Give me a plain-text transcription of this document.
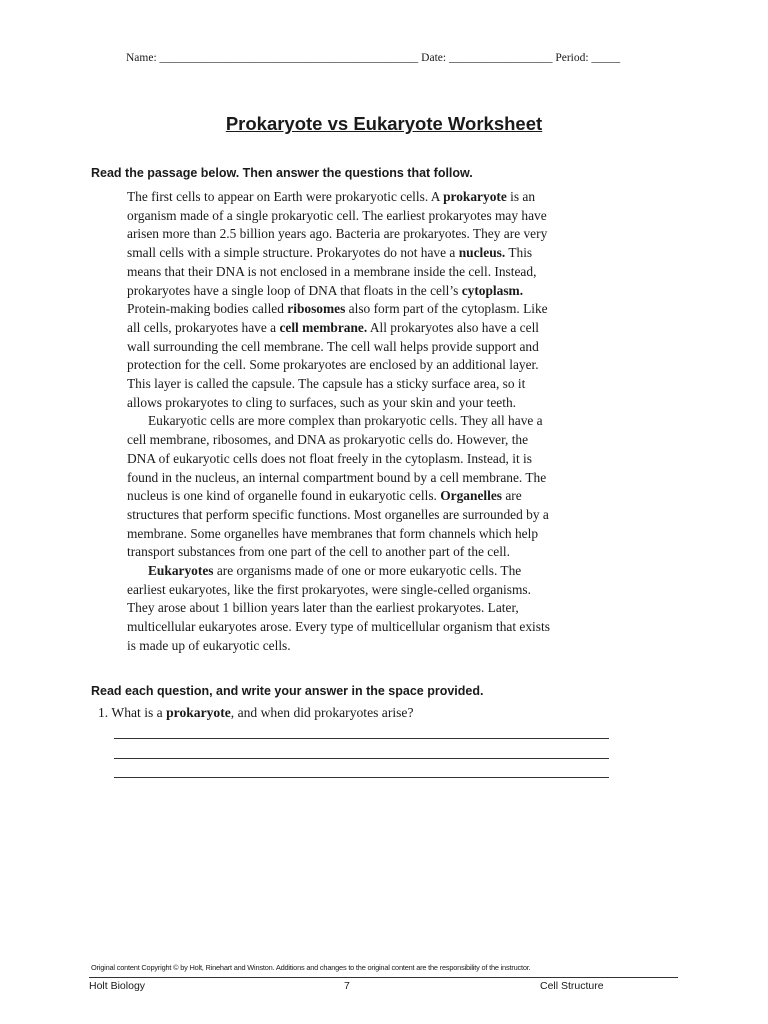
Name: _____________________________________________ Date: __________________ Period: _____
Prokaryote vs Eukaryote Worksheet
Read the passage below. Then answer the questions that follow.

The first cells to appear on Earth were prokaryotic cells. A prokaryote is an
organism made of a single prokaryotic cell. The earliest prokaryotes may have
arisen more than 2.5 billion years ago. Bacteria are prokaryotes. They are very
small cells with a simple structure. Prokaryotes do not have a nucleus. This
means that their DNA is not enclosed in a membrane inside the cell. Instead,
prokaryotes have a single loop of DNA that floats in the cell’s cytoplasm.
Protein-making bodies called ribosomes also form part of the cytoplasm. Like
all cells, prokaryotes have a cell membrane. All prokaryotes also have a cell
wall surrounding the cell membrane. The cell wall helps provide support and
protection for the cell. Some prokaryotes are enclosed by an additional layer.
This layer is called the capsule. The capsule has a sticky surface area, so it
allows prokaryotes to cling to surfaces, such as your skin and your teeth.

Eukaryotic cells are more complex than prokaryotic cells. They all have a
cell membrane, ribosomes, and DNA as prokaryotic cells do. However, the
DNA of eukaryotic cells does not float freely in the cytoplasm. Instead, it is
found in the nucleus, an internal compartment bound by a cell membrane. The
nucleus is one kind of organelle found in eukaryotic cells. Organelles are
structures that perform specific functions. Most organelles are surrounded by a
membrane. Some organelles have membranes that form channels which help
transport substances from one part of the cell to another part of the cell.

Eukaryotes are organisms made of one or more eukaryotic cells. The
earliest eukaryotes, like the first prokaryotes, were single-celled organisms.
They arose about 1 billion years later than the earliest prokaryotes. Later,
multicellular eukaryotes arose. Every type of multicellular organism that exists
is made up of eukaryotic cells.

Read each question, and write your answer in the space provided.
1. What is a prokaryote, and when did prokaryotes arise?
Original content Copyright © by Holt, Rinehart and Winston. Additions and changes to the original content are the responsibility of the instructor.
Holt Biology	7	Cell Structure
